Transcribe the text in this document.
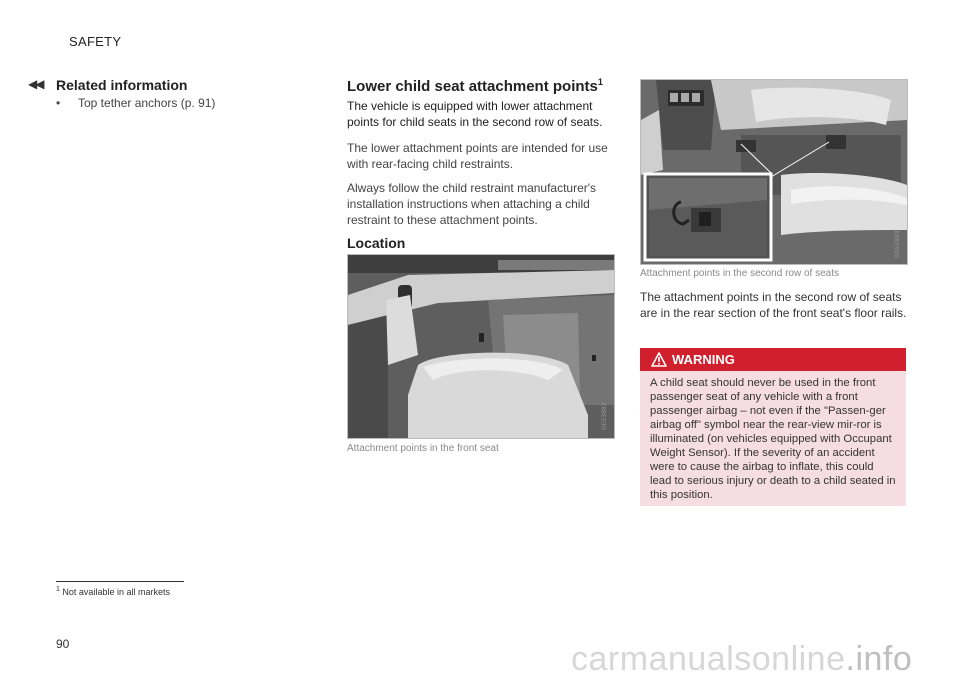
SAFETY
◀◀ Related information
• Top tether anchors (p. 91)
Lower child seat attachment points$^1$
The vehicle is equipped with lower attachment points for child seats in the second row of seats.
The lower attachment points are intended for use with rear-facing child restraints.
Always follow the child restraint manufacturer's installation instructions when attaching a child restraint to these attachment points.
Location
G053882
Attachment points in the front seat
G053883
Attachment points in the second row of seats
The attachment points in the second row of seats are in the rear section of the front seat's floor rails.
WARNING
A child seat should never be used in the front passenger seat of any vehicle with a front passenger airbag – not even if the "Passen-ger airbag off" symbol near the rear-view mir-ror is illuminated (on vehicles equipped with Occupant Weight Sensor). If the severity of an accident were to cause the airbag to inflate, this could lead to serious injury or death to a child seated in this position.
$^1$ Not available in all markets
90	carmanualsonline.info
